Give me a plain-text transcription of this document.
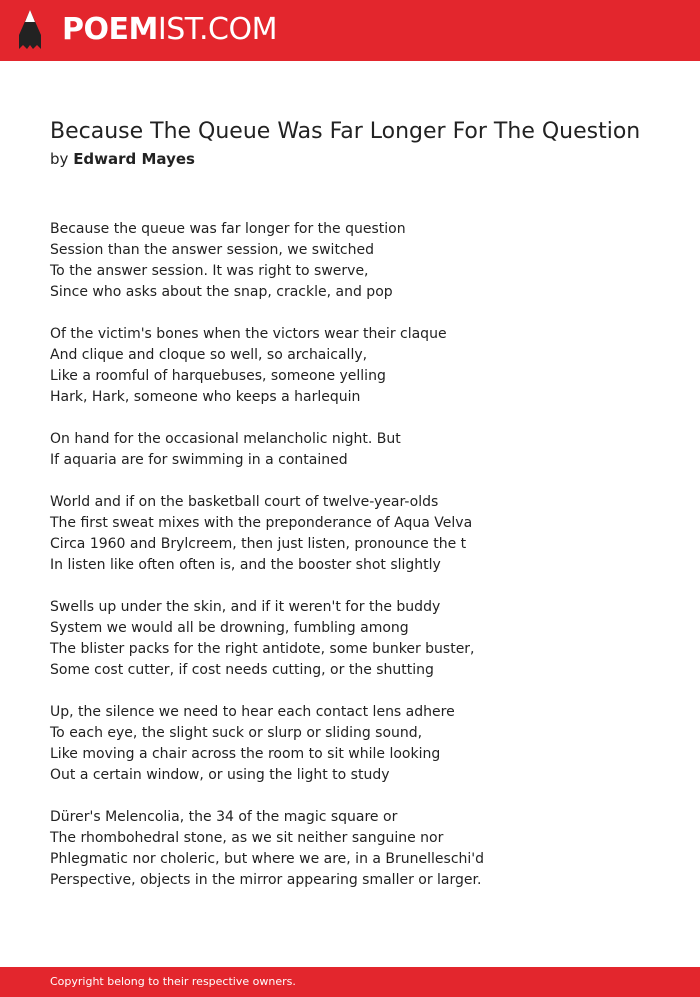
POEMIST.COM
Because The Queue Was Far Longer For The Question
by Edward Mayes
Because the queue was far longer for the question
Session than the answer session, we switched
To the answer session. It was right to swerve,
Since who asks about the snap, crackle, and pop
Of the victim's bones when the victors wear their claque
And clique and cloque so well, so archaically,
Like a roomful of harquebuses, someone yelling
Hark, Hark, someone who keeps a harlequin
On hand for the occasional melancholic night. But
If aquaria are for swimming in a contained
World and if on the basketball court of twelve-year-olds
The first sweat mixes with the preponderance of Aqua Velva
Circa 1960 and Brylcreem, then just listen, pronounce the t
In listen like often often is, and the booster shot slightly
Swells up under the skin, and if it weren't for the buddy
System we would all be drowning, fumbling among
The blister packs for the right antidote, some bunker buster,
Some cost cutter, if cost needs cutting, or the shutting
Up, the silence we need to hear each contact lens adhere
To each eye, the slight suck or slurp or sliding sound,
Like moving a chair across the room to sit while looking
Out a certain window, or using the light to study
Dürer's Melencolia, the 34 of the magic square or
The rhombohedral stone, as we sit neither sanguine nor
Phlegmatic nor choleric, but where we are, in a Brunelleschi'd
Perspective, objects in the mirror appearing smaller or larger.
Copyright belong to their respective owners.
